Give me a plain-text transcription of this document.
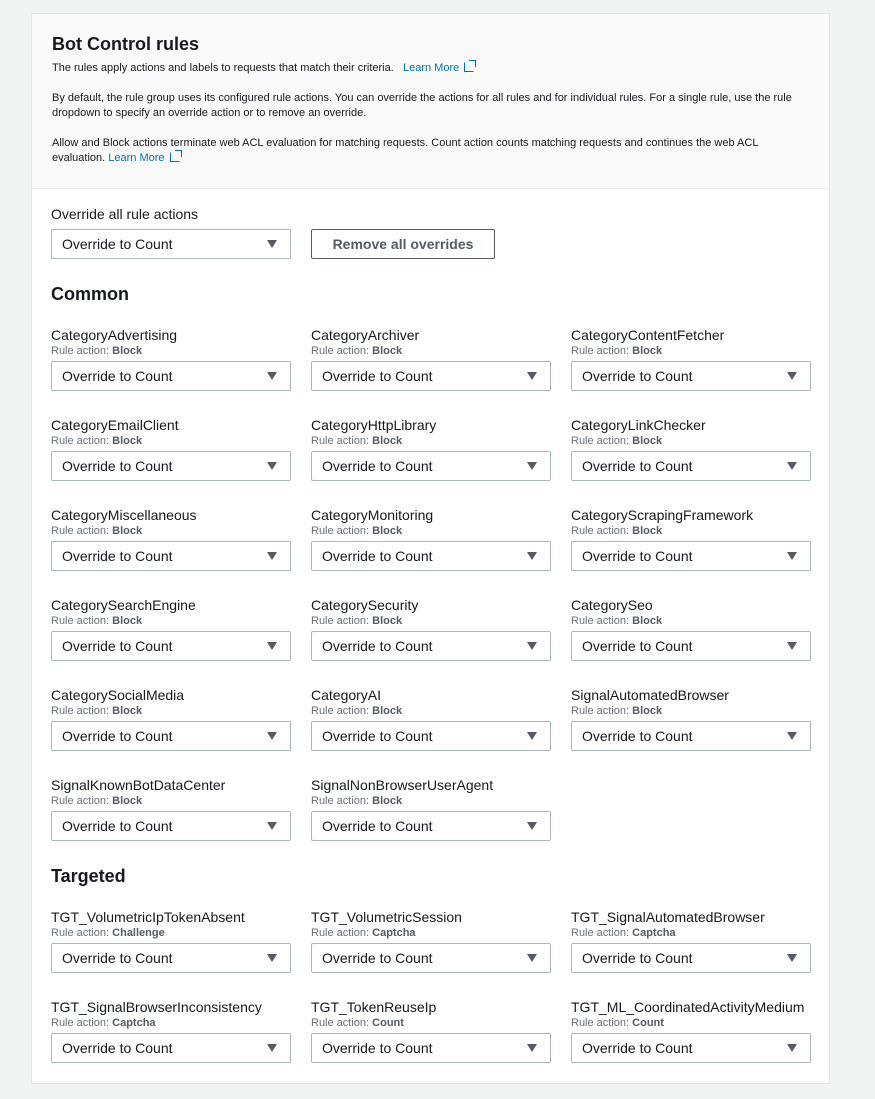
Bot Control rules

The rules apply actions and labels to requests that match their criteria. Learn More

By default, the rule group uses its configured rule actions. You can override the actions for all rules and for individual rules. For a single rule, use the rule dropdown to specify an override action or to remove an override.

Allow and Block actions terminate web ACL evaluation for matching requests. Count action counts matching requests and continues the web ACL evaluation. Learn More

Override all rule actions
Override to Count	Remove all overrides
Common
CategoryAdvertising
Rule action: Block
Override to Count
CategoryArchiver
Rule action: Block
Override to Count
CategoryContentFetcher
Rule action: Block
Override to Count
CategoryEmailClient
Rule action: Block
Override to Count
CategoryHttpLibrary
Rule action: Block
Override to Count
CategoryLinkChecker
Rule action: Block
Override to Count
CategoryMiscellaneous
Rule action: Block
Override to Count
CategoryMonitoring
Rule action: Block
Override to Count
CategoryScrapingFramework
Rule action: Block
Override to Count
CategorySearchEngine
Rule action: Block
Override to Count
CategorySecurity
Rule action: Block
Override to Count
CategorySeo
Rule action: Block
Override to Count
CategorySocialMedia
Rule action: Block
Override to Count
CategoryAI
Rule action: Block
Override to Count
SignalAutomatedBrowser
Rule action: Block
Override to Count
SignalKnownBotDataCenter
Rule action: Block
Override to Count
SignalNonBrowserUserAgent
Rule action: Block
Override to Count
Targeted
TGT_VolumetricIpTokenAbsent
Rule action: Challenge
Override to Count
TGT_VolumetricSession
Rule action: Captcha
Override to Count
TGT_SignalAutomatedBrowser
Rule action: Captcha
Override to Count
TGT_SignalBrowserInconsistency
Rule action: Captcha
Override to Count
TGT_TokenReuseIp
Rule action: Count
Override to Count
TGT_ML_CoordinatedActivityMedium
Rule action: Count
Override to Count
